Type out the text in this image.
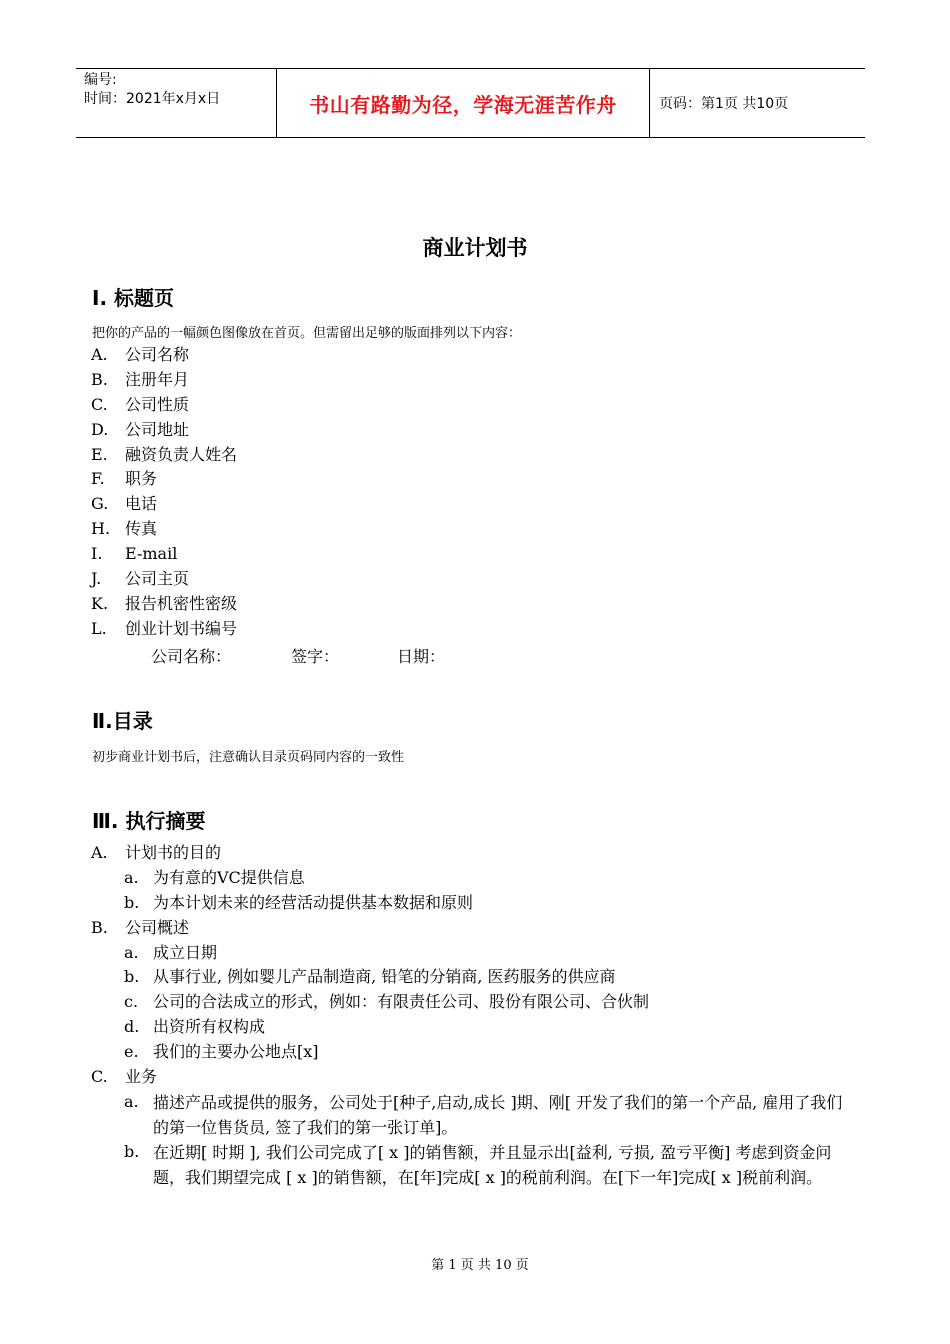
编号:
时间：2021年x月x日	书山有路勤为径，学海无涯苦作舟	页码：第1页 共10页
商业计划书
Ⅰ. 标题页
把你的产品的一幅颜色图像放在首页。但需留出足够的版面排列以下内容：
A. 公司名称
B. 注册年月
C. 公司性质
D. 公司地址
E. 融资负责人姓名
F. 职务
G. 电话
H. 传真
I. E-mail
J. 公司主页
K. 报告机密性密级
L. 创业计划书编号
公司名称：	签字：	日期：
Ⅱ.目录
初步商业计划书后，注意确认目录页码同内容的一致性
Ⅲ. 执行摘要
A. 计划书的目的
a. 为有意的VC提供信息
b. 为本计划未来的经营活动提供基本数据和原则
B. 公司概述
a. 成立日期
b. 从事行业, 例如婴儿产品制造商, 铅笔的分销商, 医药服务的供应商
c. 公司的合法成立的形式，例如：有限责任公司、股份有限公司、合伙制
d. 出资所有权构成
e. 我们的主要办公地点[x]
C. 业务
a. 描述产品或提供的服务，公司处于[种子,启动,成长 ]期、刚[ 开发了我们的第一个产品, 雇用了我们的第一位售货员, 签了我们的第一张订单]。
b. 在近期[ 时期 ], 我们公司完成了[ x ]的销售额，并且显示出[益利, 亏损, 盈亏平衡] 考虑到资金问题，我们期望完成 [ x ]的销售额，在[年]完成[ x ]的税前利润。在[下一年]完成[ x ]税前利润。
第 1 页 共 10 页
